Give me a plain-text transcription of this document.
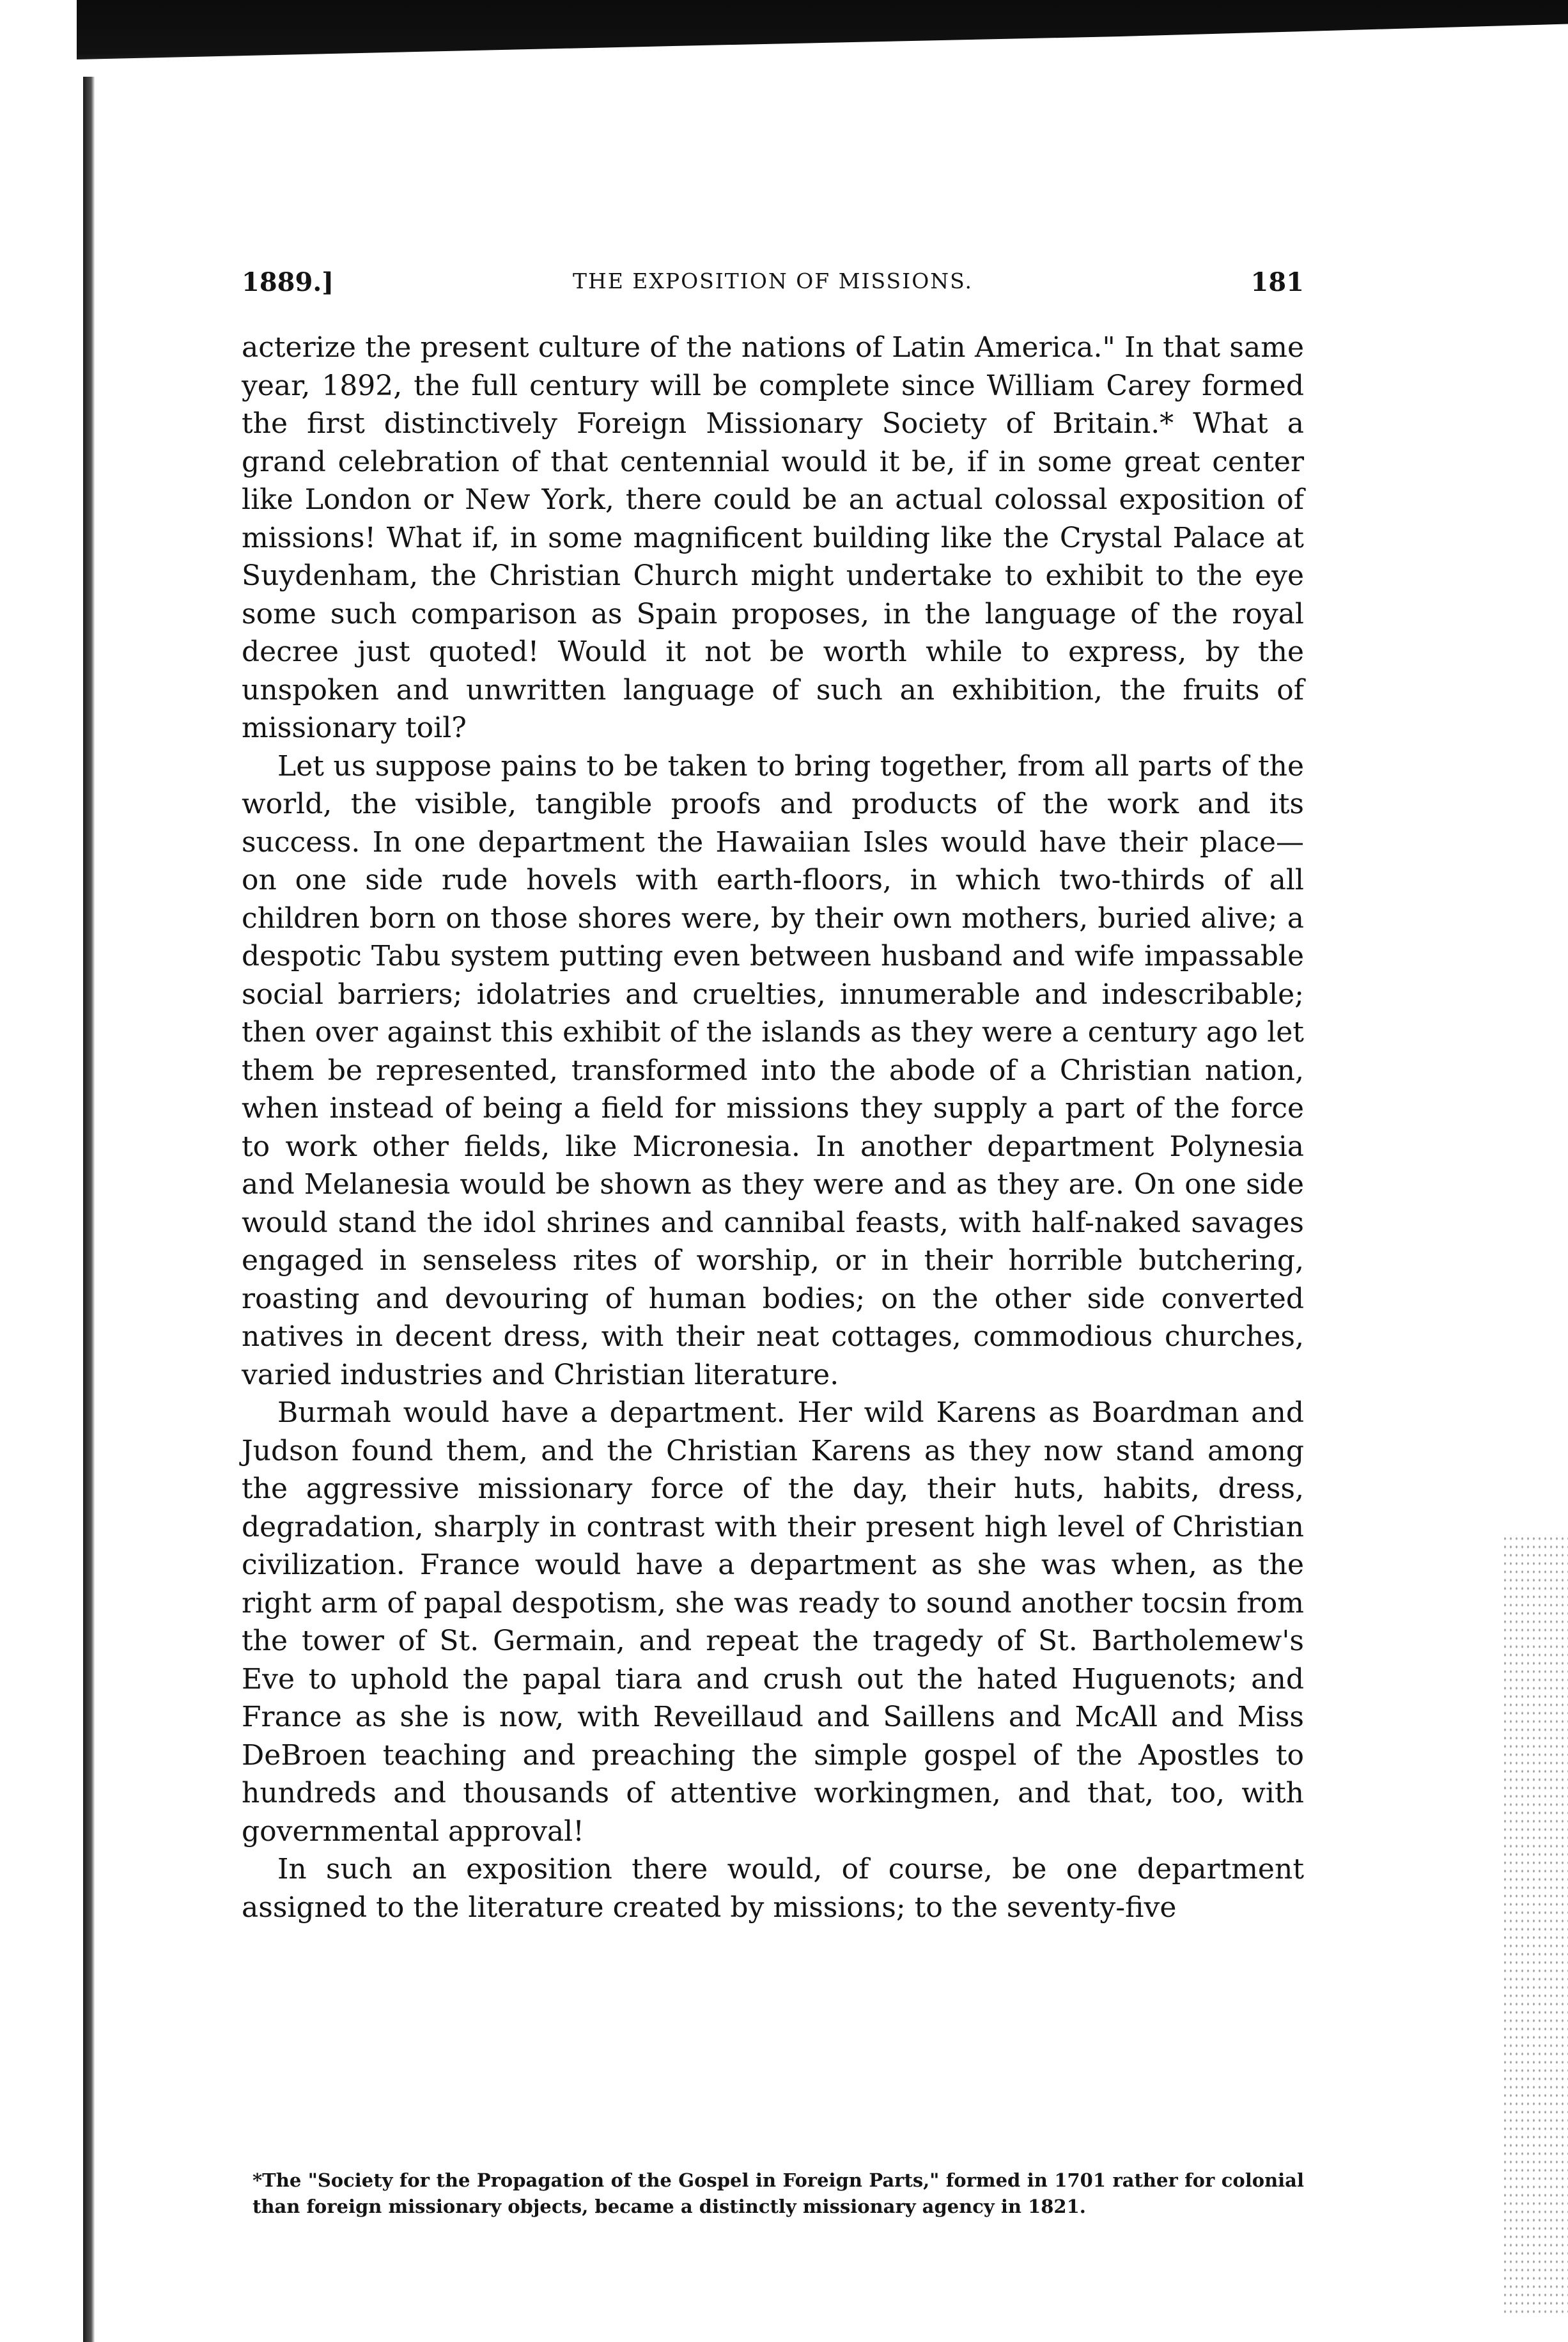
1889.]	THE EXPOSITION OF MISSIONS.	181

acterize the present culture of the nations of Latin America." In that same year, 1892, the full century will be complete since William Carey formed the first distinctively Foreign Missionary Society of Britain.* What a grand celebration of that centennial would it be, if in some great center like London or New York, there could be an actual colossal exposition of missions! What if, in some magnificent building like the Crystal Palace at Suydenham, the Christian Church might undertake to exhibit to the eye some such comparison as Spain proposes, in the language of the royal decree just quoted! Would it not be worth while to express, by the unspoken and unwritten language of such an exhibition, the fruits of missionary toil?

Let us suppose pains to be taken to bring together, from all parts of the world, the visible, tangible proofs and products of the work and its success. In one department the Hawaiian Isles would have their place—on one side rude hovels with earth-floors, in which two-thirds of all children born on those shores were, by their own mothers, buried alive; a despotic Tabu system putting even between husband and wife impassable social barriers; idolatries and cruelties, innumerable and indescribable; then over against this exhibit of the islands as they were a century ago let them be represented, transformed into the abode of a Christian nation, when instead of being a field for missions they supply a part of the force to work other fields, like Micronesia. In another department Polynesia and Melanesia would be shown as they were and as they are. On one side would stand the idol shrines and cannibal feasts, with half-naked savages engaged in senseless rites of worship, or in their horrible butchering, roasting and devouring of human bodies; on the other side converted natives in decent dress, with their neat cottages, commodious churches, varied industries and Christian literature.

Burmah would have a department. Her wild Karens as Boardman and Judson found them, and the Christian Karens as they now stand among the aggressive missionary force of the day, their huts, habits, dress, degradation, sharply in contrast with their present high level of Christian civilization. France would have a department as she was when, as the right arm of papal despotism, she was ready to sound another tocsin from the tower of St. Germain, and repeat the tragedy of St. Bartholemew's Eve to uphold the papal tiara and crush out the hated Huguenots; and France as she is now, with Reveillaud and Saillens and McAll and Miss DeBroen teaching and preaching the simple gospel of the Apostles to hundreds and thousands of attentive workingmen, and that, too, with governmental approval!

In such an exposition there would, of course, be one department assigned to the literature created by missions; to the seventy-five

*The "Society for the Propagation of the Gospel in Foreign Parts," formed in 1701 rather for colonial than foreign missionary objects, became a distinctly missionary agency in 1821.
